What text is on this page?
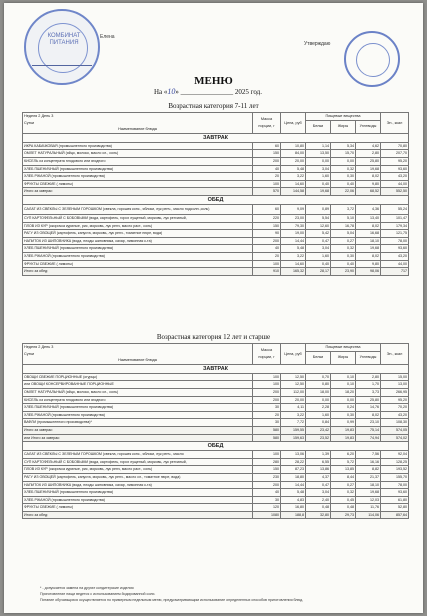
КОМБИНАТ ПИТАНИЯ
Елена
Утверждаю
МЕНЮ
На «10» _______________ 2025 год.
Возрастная категория 7-11 лет
Неделя 2 День 3
Сутки
Наименование блюда	Масса порции, г	Цена, руб	Пищевые вещества			Эн., ккал
			Белки	Жиры	Углеводы	

ЗАВТРАК						
ИКРА КАБАЧКОВАЯ (промышленного производства)	60	10,80	1,14	5,34	4,62	70,80
ОМЛЕТ НАТУРАЛЬНЫЙ (яйцо, молоко, масло сл., соль)	150	84,00	13,50	15,70	2,80	207,70
КИСЕЛЬ из концентрата плодового или ягодного	200	20,00	0,00	0,00	25,80	95,20
ХЛЕБ ПШЕНИЧНЫЙ (промышленного производства)	40	5,48	3,04	0,32	19,68	93,60
ХЛЕБ РЖАНОЙ (промышленного производства)	20	3,22	1,60	0,30	8,02	43,20
ФРУКТЫ СВЕЖИЕ ( лимоны)	100	14,60	0,40	0,40	9,80	44,00
Итого за завтрак:	570	144,58	19,68	22,06	68,52	552,50
ОБЕД						
САЛАТ ИЗ СВЁКЛЫ С ЗЕЛЕНЫМ ГОРОШКОМ (свекла, горошек конс., яблоки, лук репч., масло подсолн.,соль)	60	9,09	0,89	3,72	4,36	55,24
СУП КАРТОФЕЛЬНЫЙ С БОБОВЫМИ (вода, картофель, горох лущеный, морковь, лук репчатый,	220	23,00	5,54	5,10	13,40	101,47
ПЛОВ ИЗ КУР (окорочка куриные, рис, морковь, лук репч, масло раст., соль)	150	79,30	12,60	16,78	8,02	179,34
РАГУ ИЗ ОВОЩЕЙ (картофель, капуста, морковь, лук репч., томатное пюре, вода)	90	19,00	5,42	5,04	16,68	121,75
НАПИТОК ИЗ ШИПОВНИКА (вода, плоды шиповника, сахар, лимонная к-та)	200	14,44	0,47	0,27	18,10	78,00
ХЛЕБ ПШЕНИЧНЫЙ (промышленного производства)	40	5,48	3,04	0,32	19,68	93,60
ХЛЕБ РЖАНОЙ (промышленного производства)	20	3,22	1,60	0,30	8,02	43,20
ФРУКТЫ СВЕЖИЕ ( лимоны)	100	14,60	0,40	0,40	9,80	44,00
Итого за обед:	910	165,32	28,17	23,90	98,06	717
Возрастная категория 12 лет и старше
Неделя 2 День 3
Сутки
Наименование блюда	Масса порции, г	Цена, руб	Пищевые вещества			Эн., ккал
			Белки	Жиры	Углеводы	

ЗАВТРАК						
ОВОЩИ СВЕЖИЕ ПОРЦИОННЫЕ (огурцы)	100	12,50	0,70	0,10	2,80	15,00
или ОВОЩИ КОНСЕРВИРОВАННЫЕ ПОРЦИОННЫЕ	100	12,50	0,80	0,10	1,70	13,00
ОМЛЕТ НАТУРАЛЬНЫЙ (яйцо, молоко, масло сл., соль)	200	112,00	18,00	18,20	3,73	266,95
КИСЕЛЬ из концентрата плодового или ягодного	200	20,00	0,00	0,00	25,80	95,20
ХЛЕБ ПШЕНИЧНЫЙ (промышленного производства)	30	4,11	2,28	0,24	14,76	70,20
ХЛЕБ РЖАНОЙ (промышленного производства)	20	3,22	1,60	0,30	8,02	43,20
ВАФЛИ (промышленного производства)*	30	7,72	0,84	0,99	23,10	108,30
Итого за завтрак:	580	159,55	23,42	19,83	75,14	574,05
или Итого за завтрак:	580	159,63	23,52	19,83	74,94	574,02
ОБЕД						
САЛАТ ИЗ СВЁКЛЫ С ЗЕЛЕНЫМ ГОРОШКОМ (свекла, горошек конс., яблоки, лук репч., масло	100	13,06	1,39	6,20	7,56	92,04
СУП КАРТОФЕЛЬНЫЙ С БОБОВЫМИ (вода, картофель, горох лущеный, морковь, лук репчатый,	280	28,22	6,55	5,72	16,16	128,25
ПЛОВ ИЗ КУР (окорочка куриные, рис, морковь, лук репч, масло раст., соль)	150	87,23	13,86	13,85	8,82	193,52
РАГУ ИЗ ОВОЩЕЙ (картофель, капуста, морковь, лук репч., масло сл., томатное пюре, вода)	230	18,80	4,37	8,44	21,37	155,70
НАПИТОК ИЗ ШИПОВНИКА (вода, плоды шиповника, сахар, лимонная к-та)	200	14,44	0,47	0,27	18,10	78,00
ХЛЕБ ПШЕНИЧНЫЙ (промышленного производства)	40	5,48	3,04	0,32	19,68	93,60
ХЛЕБ РЖАНОЙ (промышленного производства)	30	4,83	2,40	0,45	12,03	61,80
ФРУКТЫ СВЕЖИЕ ( лимоны)	120	16,80	0,48	0,48	11,76	52,80
Итого за обед:	1080	188,8	32,80	29,73	114,06	857,64
* - допускается замена на другие кондитерские изделия
Приготовление пищи ведется с использованием йодированной соли.
Питание обучающихся осуществляется по примерным недельным меню, предусматривающим использование определенных способов приготовления блюд.
